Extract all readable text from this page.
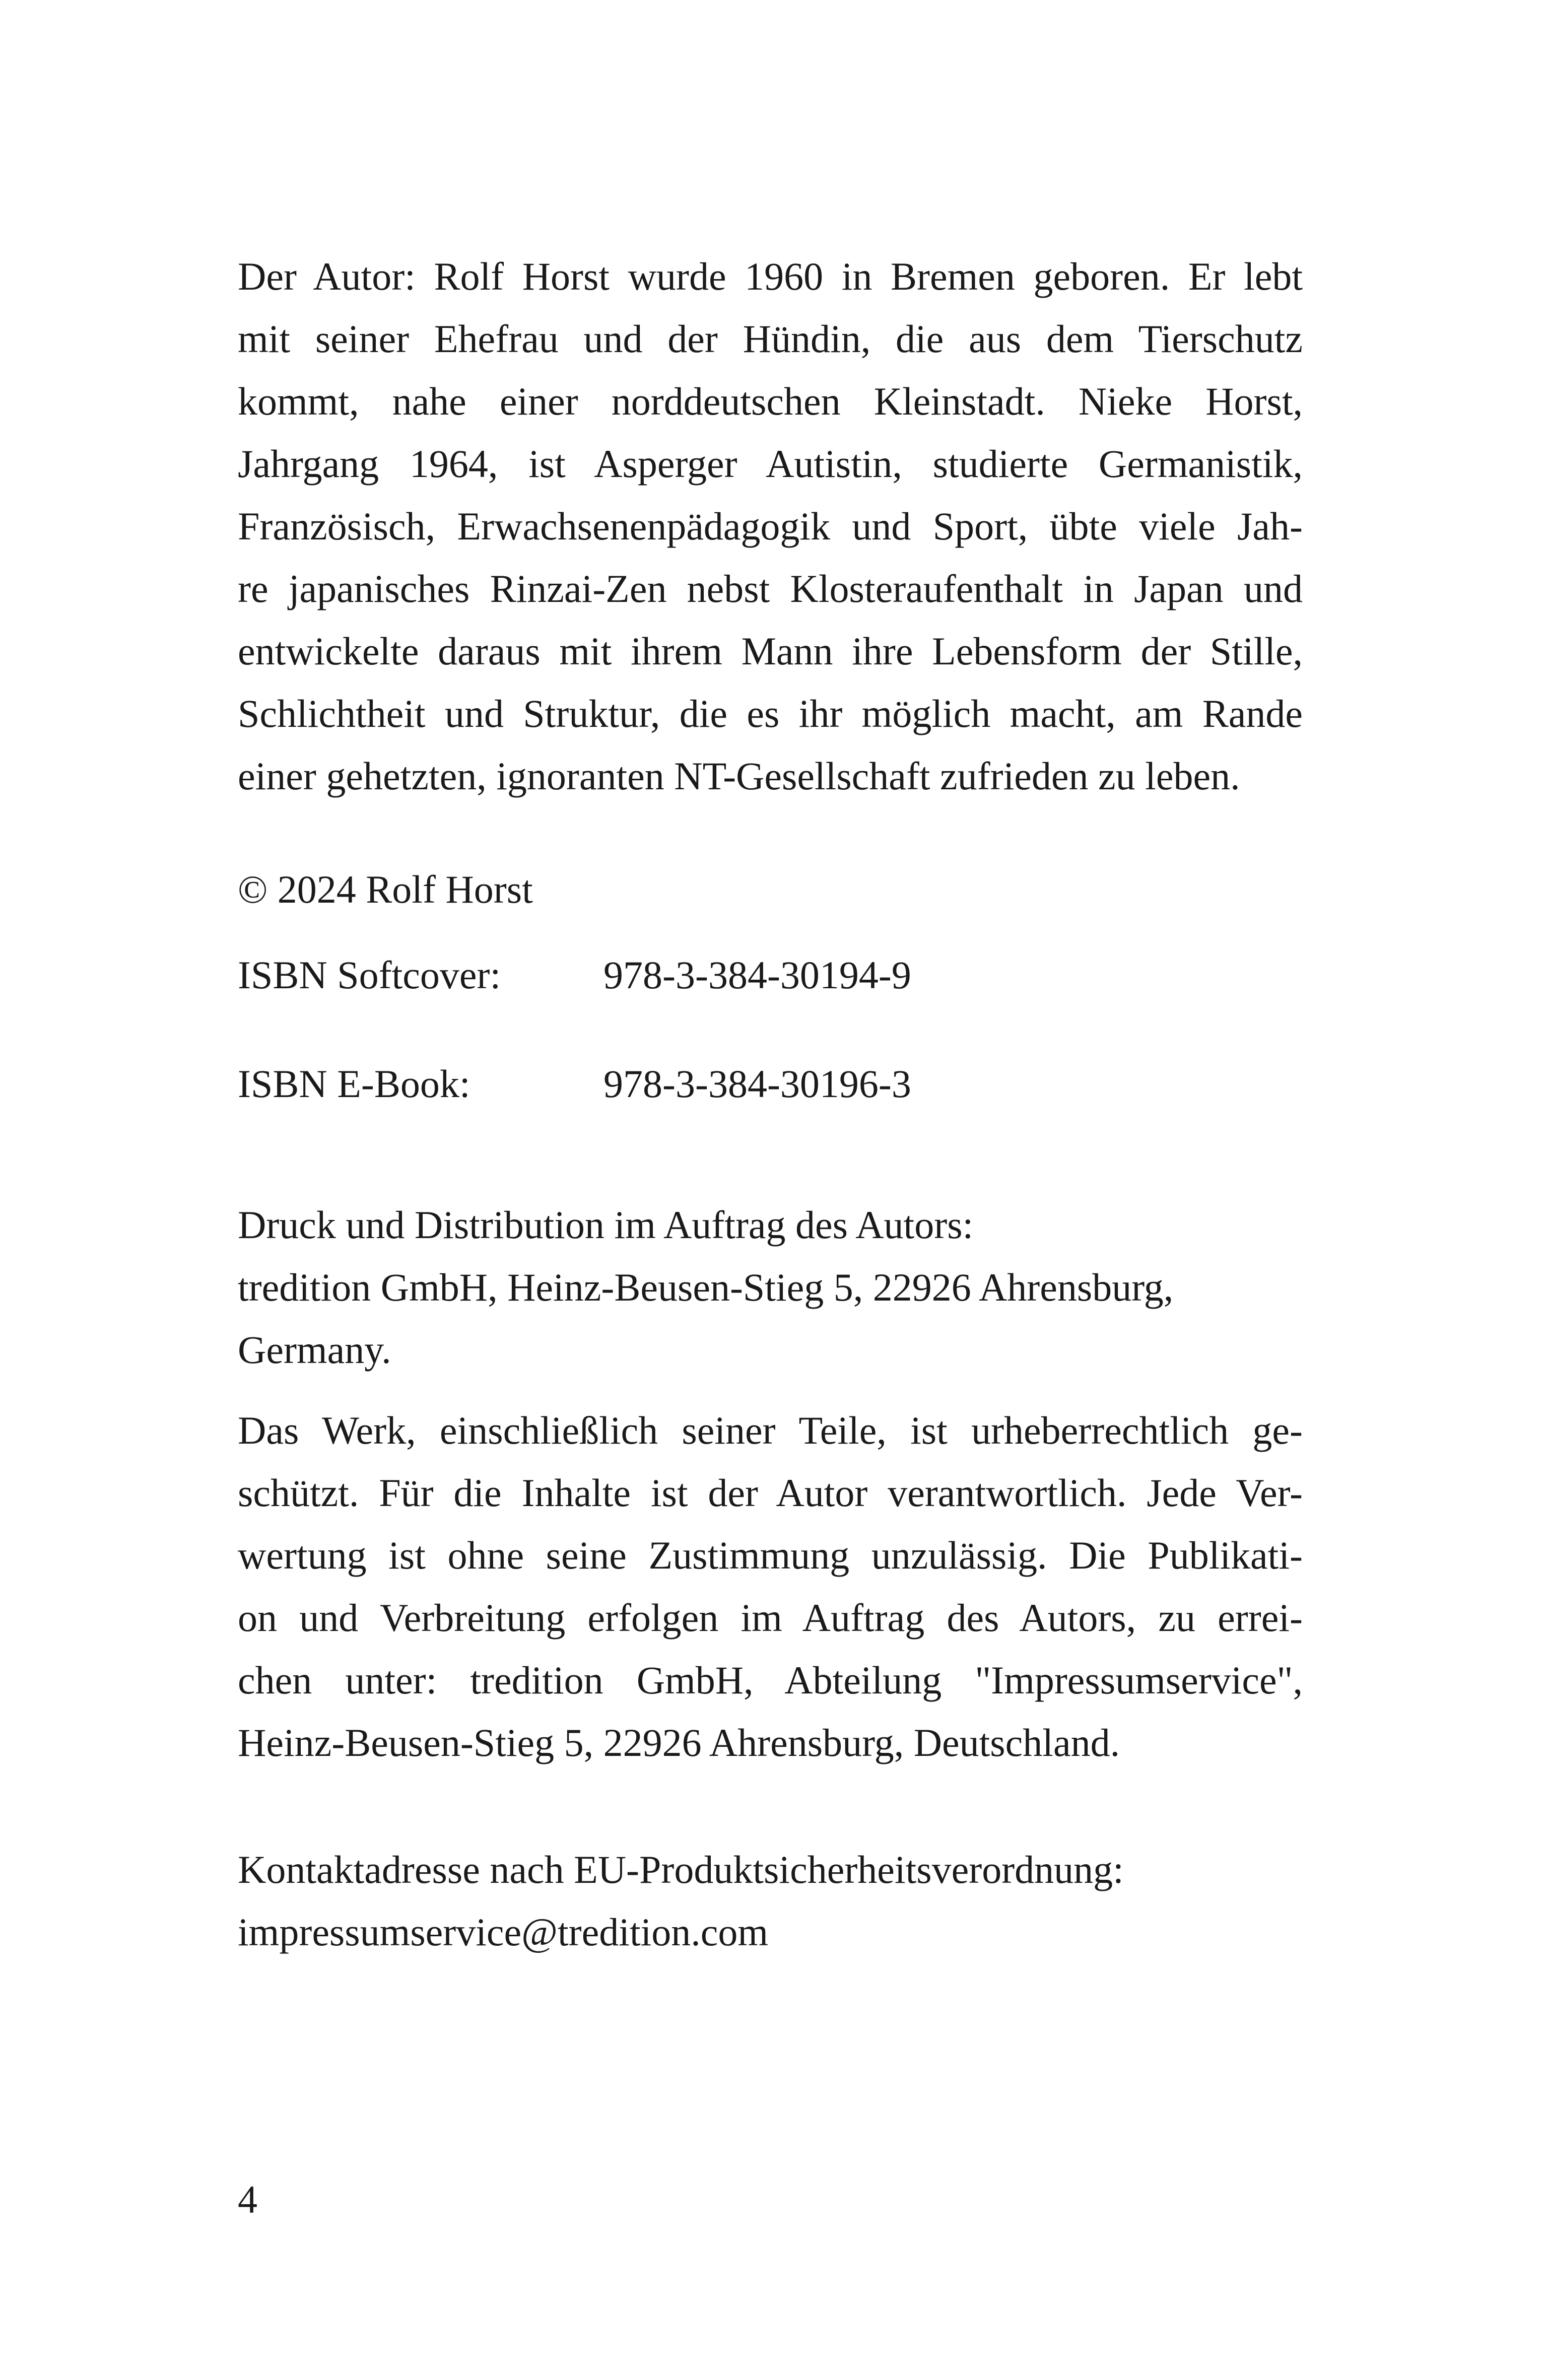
Der Autor: Rolf Horst wurde 1960 in Bremen geboren. Er lebt
mit seiner Ehefrau und der Hündin, die aus dem Tierschutz
kommt, nahe einer norddeutschen Kleinstadt. Nieke Horst,
Jahrgang 1964, ist Asperger Autistin, studierte Germanistik,
Französisch, Erwachsenenpädagogik und Sport, übte viele Jah-
re japanisches Rinzai-Zen nebst Klosteraufenthalt in Japan und
entwickelte daraus mit ihrem Mann ihre Lebensform der Stille,
Schlichtheit und Struktur, die es ihr möglich macht, am Rande
einer gehetzten, ignoranten NT-Gesellschaft zufrieden zu leben.
© 2024 Rolf Horst
ISBN Softcover:	978-3-384-30194-9
ISBN E-Book:	978-3-384-30196-3
Druck und Distribution im Auftrag des Autors:
tredition GmbH, Heinz-Beusen-Stieg 5, 22926 Ahrensburg,
Germany.
Das Werk, einschließlich seiner Teile, ist urheberrechtlich ge-
schützt. Für die Inhalte ist der Autor verantwortlich. Jede Ver-
wertung ist ohne seine Zustimmung unzulässig. Die Publikati-
on und Verbreitung erfolgen im Auftrag des Autors, zu errei-
chen unter: tredition GmbH, Abteilung "Impressumservice",
Heinz-Beusen-Stieg 5, 22926 Ahrensburg, Deutschland.
Kontaktadresse nach EU-Produktsicherheitsverordnung:
impressumservice@tredition.com
4
